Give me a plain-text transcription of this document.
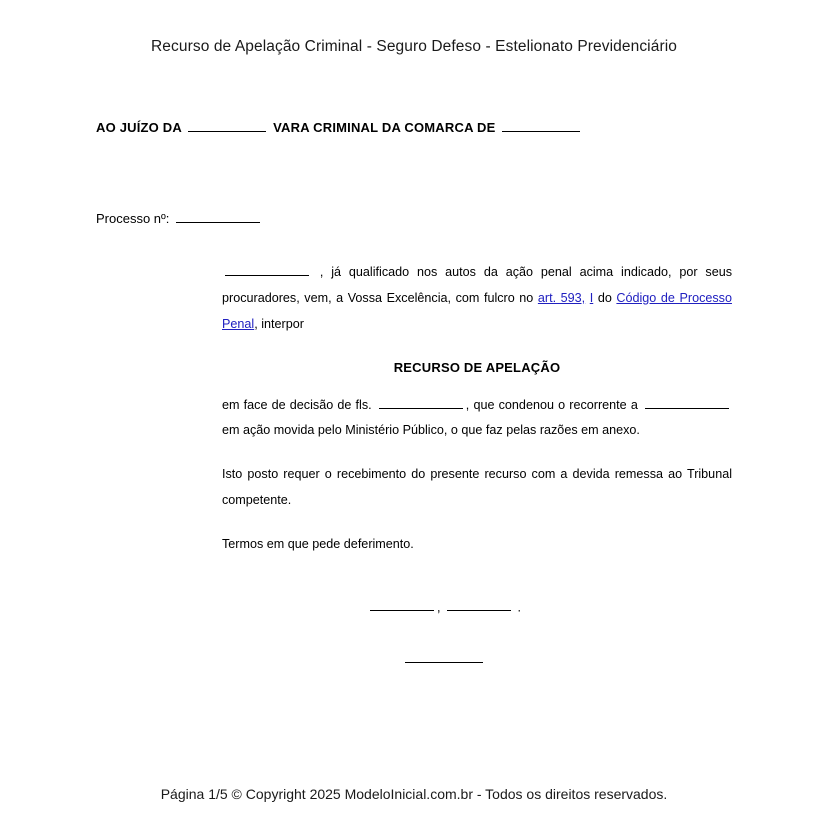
Recurso de Apelação Criminal - Seguro Defeso - Estelionato Previdenciário

AO JUÍZO DA	VARA CRIMINAL DA COMARCA DE

Processo nº:

, já qualificado nos autos da ação penal acima indicado, por seus procuradores, vem, a Vossa Excelência, com fulcro no art. 593, I do Código de Processo Penal, interpor

RECURSO DE APELAÇÃO

em face de decisão de fls.	, que condenou o recorrente a  em ação movida pelo Ministério Público, o que faz pelas razões em anexo.

Isto posto requer o recebimento do presente recurso com a devida remessa ao Tribunal competente.

Termos em que pede deferimento.

,	.
Página 1/5 © Copyright 2025 ModeloInicial.com.br - Todos os direitos reservados.
